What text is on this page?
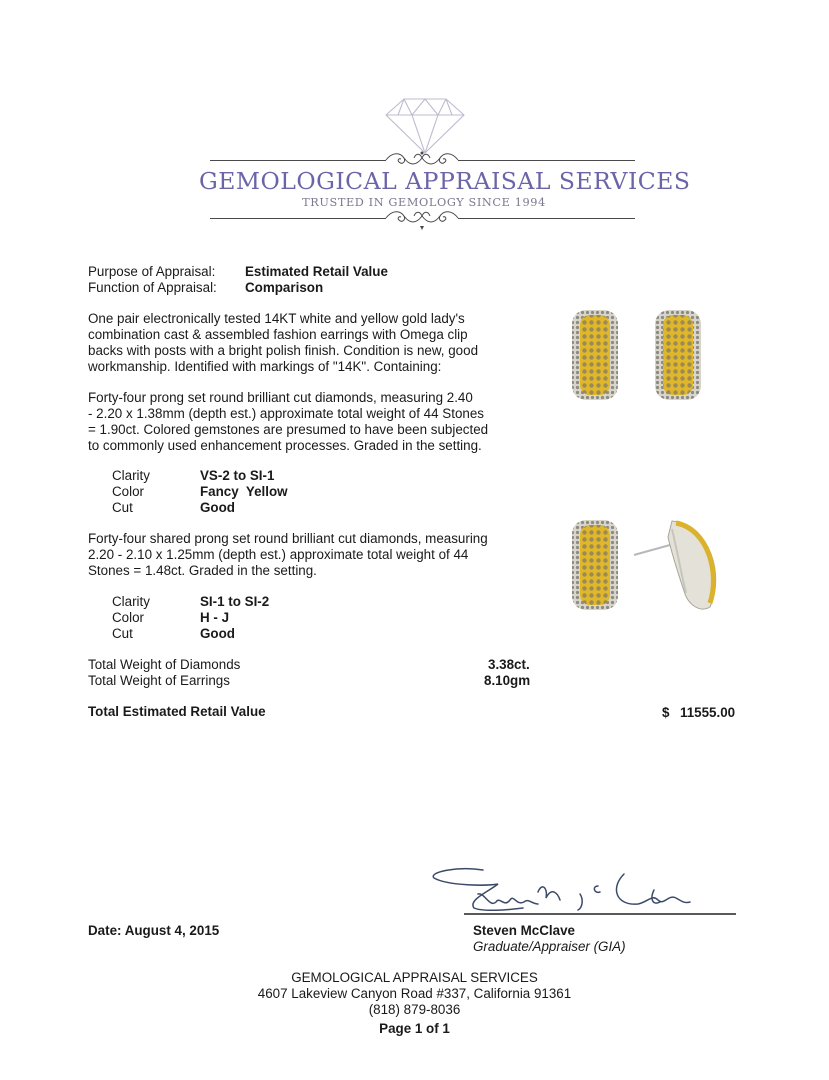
GEMOLOGICAL APPRAISAL SERVICES
TRUSTED IN GEMOLOGY SINCE 1994
Purpose of Appraisal: Estimated Retail Value
Function of Appraisal: Comparison
One pair electronically tested 14KT white and yellow gold lady's
combination cast & assembled fashion earrings with Omega clip
backs with posts with a bright polish finish. Condition is new, good
workmanship. Identified with markings of "14K". Containing:
Forty-four prong set round brilliant cut diamonds, measuring 2.40
- 2.20 x 1.38mm (depth est.) approximate total weight of 44 Stones
= 1.90ct. Colored gemstones are presumed to have been subjected
to commonly used enhancement processes. Graded in the setting.
Clarity	VS-2 to SI-1
Color	Fancy  Yellow
Cut	Good
Forty-four shared prong set round brilliant cut diamonds, measuring
2.20 - 2.10 x 1.25mm (depth est.) approximate total weight of 44
Stones = 1.48ct. Graded in the setting.
Clarity	SI-1 to SI-2
Color	H - J
Cut	Good
Total Weight of Diamonds	3.38ct.
Total Weight of Earrings	8.10gm
Total Estimated Retail Value	$ 11555.00
Date: August 4, 2015	Steven McClave
Graduate/Appraiser (GIA)
GEMOLOGICAL APPRAISAL SERVICES
4607 Lakeview Canyon Road #337, California 91361
(818) 879-8036
Page 1 of 1
